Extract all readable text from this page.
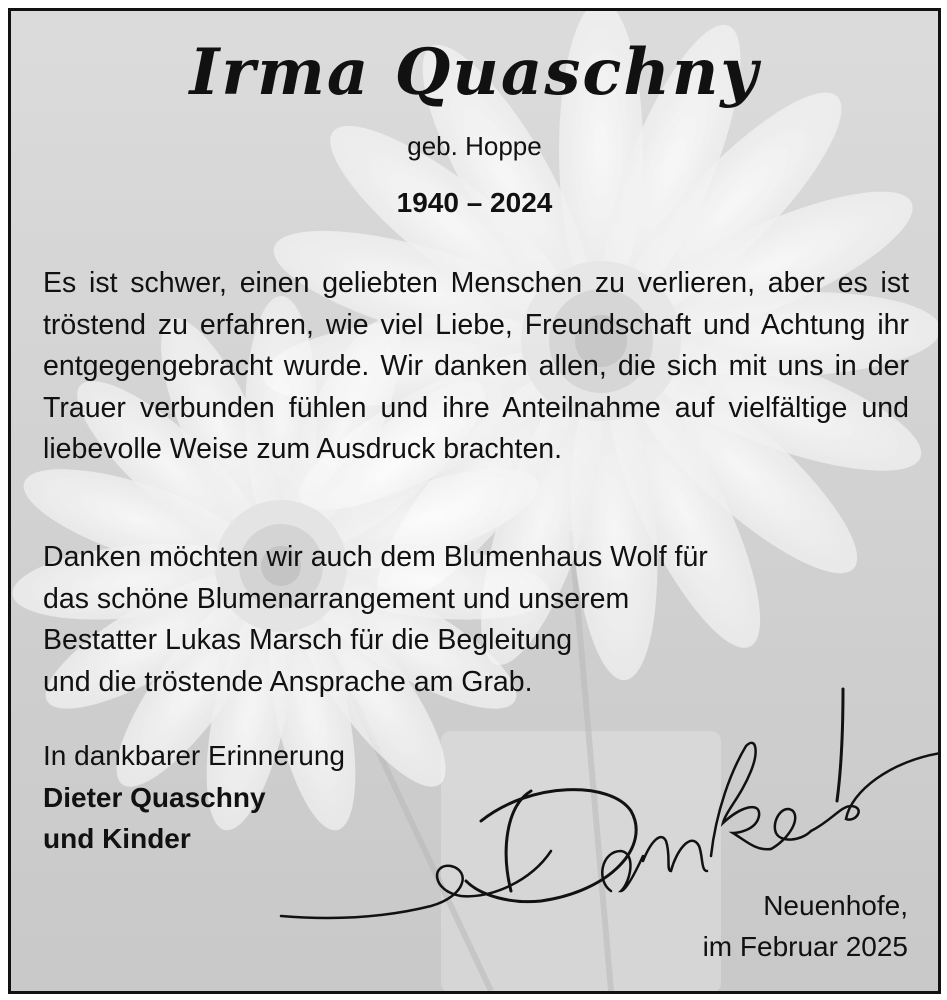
Irma Quaschny
geb. Hoppe
1940 – 2024
Es ist schwer, einen geliebten Menschen zu verlieren, aber es ist tröstend zu erfahren, wie viel Liebe, Freundschaft und Achtung ihr entgegengebracht wurde. Wir danken allen, die sich mit uns in der Trauer verbunden fühlen und ihre Anteilnahme auf vielfältige und liebevolle Weise zum Ausdruck brachten.
Danken möchten wir auch dem Blumenhaus Wolf für
das schöne Blumenarrangement und unserem
Bestatter Lukas Marsch für die Begleitung
und die tröstende Ansprache am Grab.
In dankbarer Erinnerung
Dieter Quaschny
und Kinder
Neuenhofe,
im Februar 2025
